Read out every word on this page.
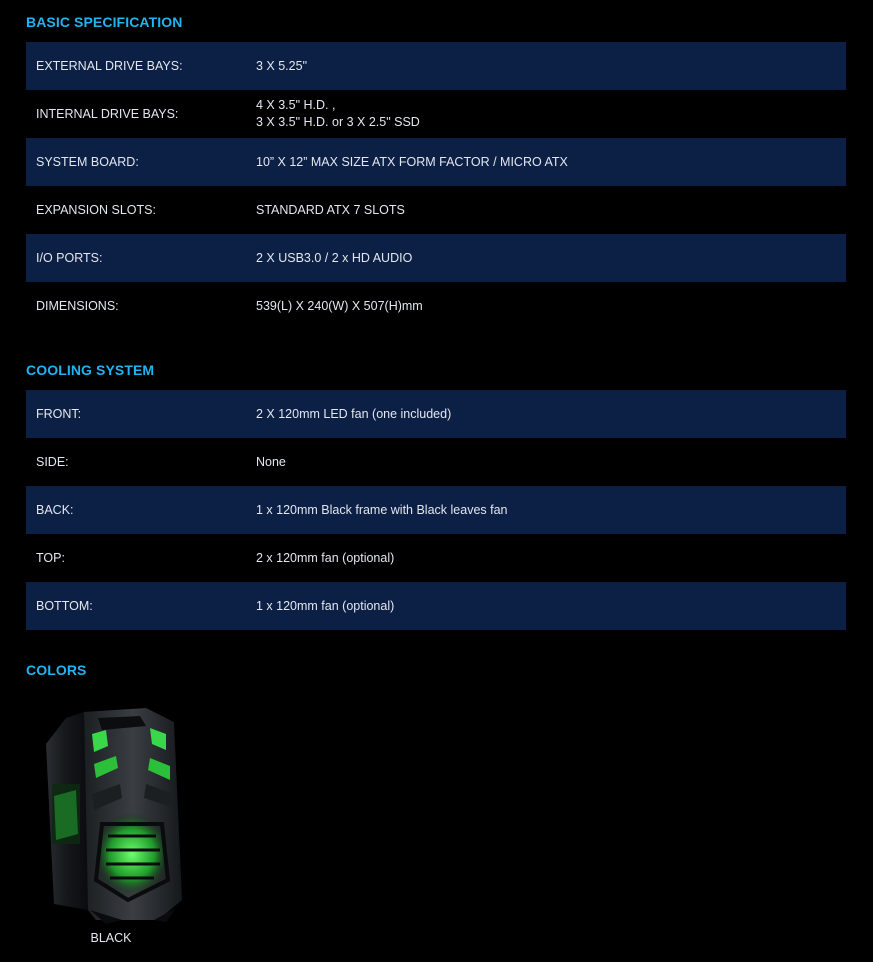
BASIC SPECIFICATION
EXTERNAL DRIVE BAYS:	3 X 5.25"
INTERNAL DRIVE BAYS:
4 X 3.5" H.D. ,
3 X 3.5" H.D. or 3 X 2.5" SSD
SYSTEM BOARD:	10” X 12” MAX SIZE ATX FORM FACTOR / MICRO ATX
EXPANSION SLOTS:	STANDARD ATX 7 SLOTS
I/O PORTS:	2 X USB3.0 / 2 x HD AUDIO
DIMENSIONS:	539(L) X 240(W) X 507(H)mm
COOLING SYSTEM
FRONT:	2 X 120mm LED fan (one included)
SIDE:	None
BACK:	1 x 120mm Black frame with Black leaves fan
TOP:	2 x 120mm fan (optional)
BOTTOM:	1 x 120mm fan (optional)
COLORS
BLACK
